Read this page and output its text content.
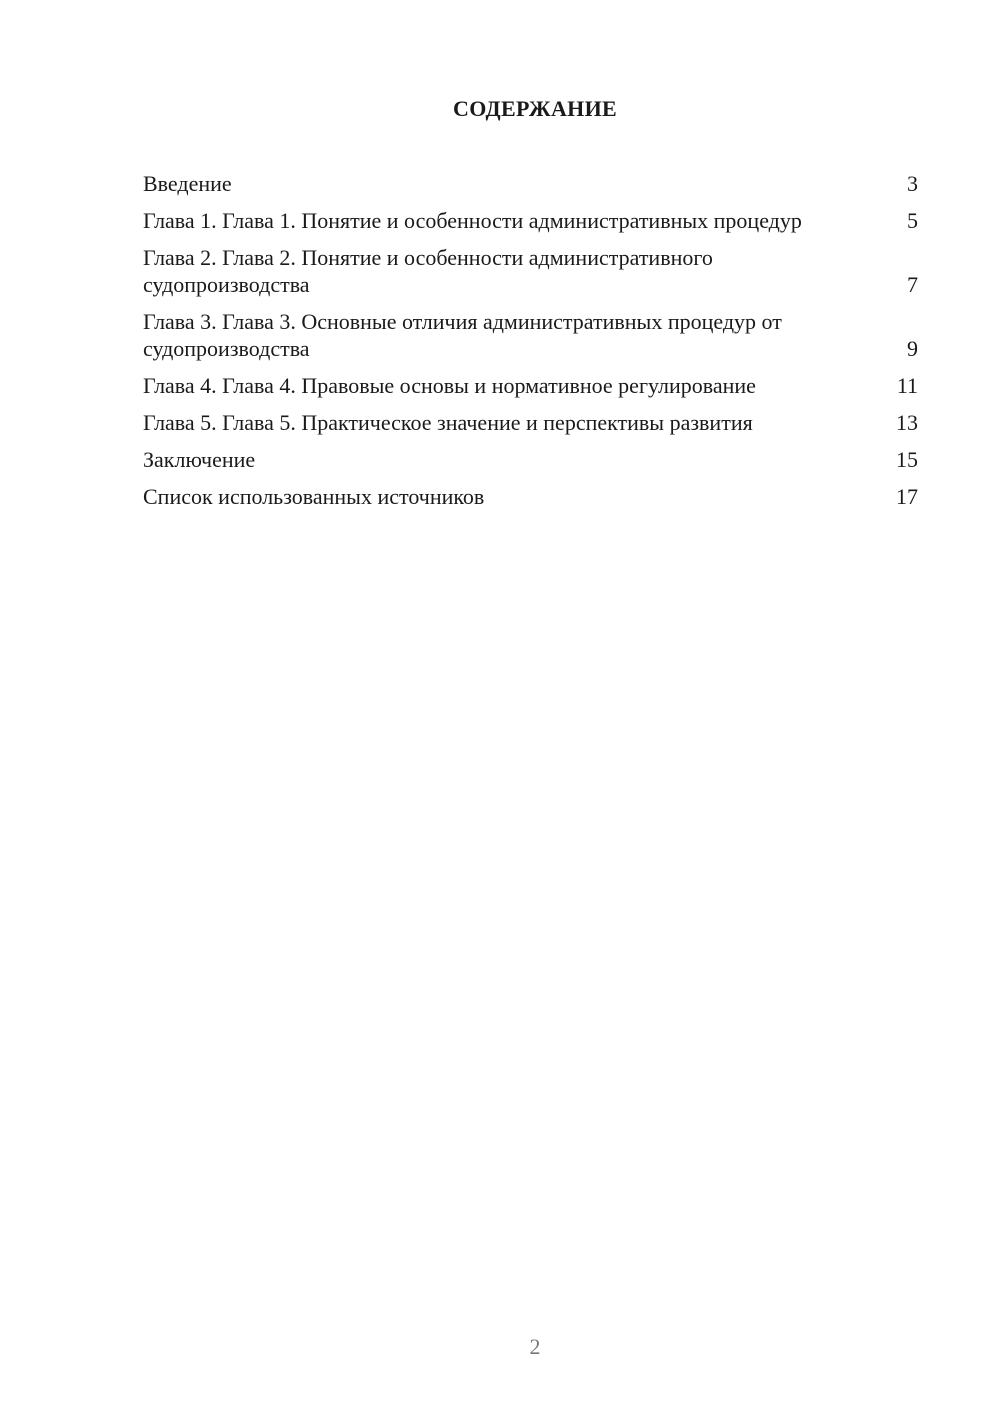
СОДЕРЖАНИЕ
Введение	3
Глава 1. Глава 1. Понятие и особенности административных процедур	5
Глава 2. Глава 2. Понятие и особенности административного судопроизводства	7
Глава 3. Глава 3. Основные отличия административных процедур от судопроизводства	9
Глава 4. Глава 4. Правовые основы и нормативное регулирование	11
Глава 5. Глава 5. Практическое значение и перспективы развития	13
Заключение	15
Список использованных источников	17
2
